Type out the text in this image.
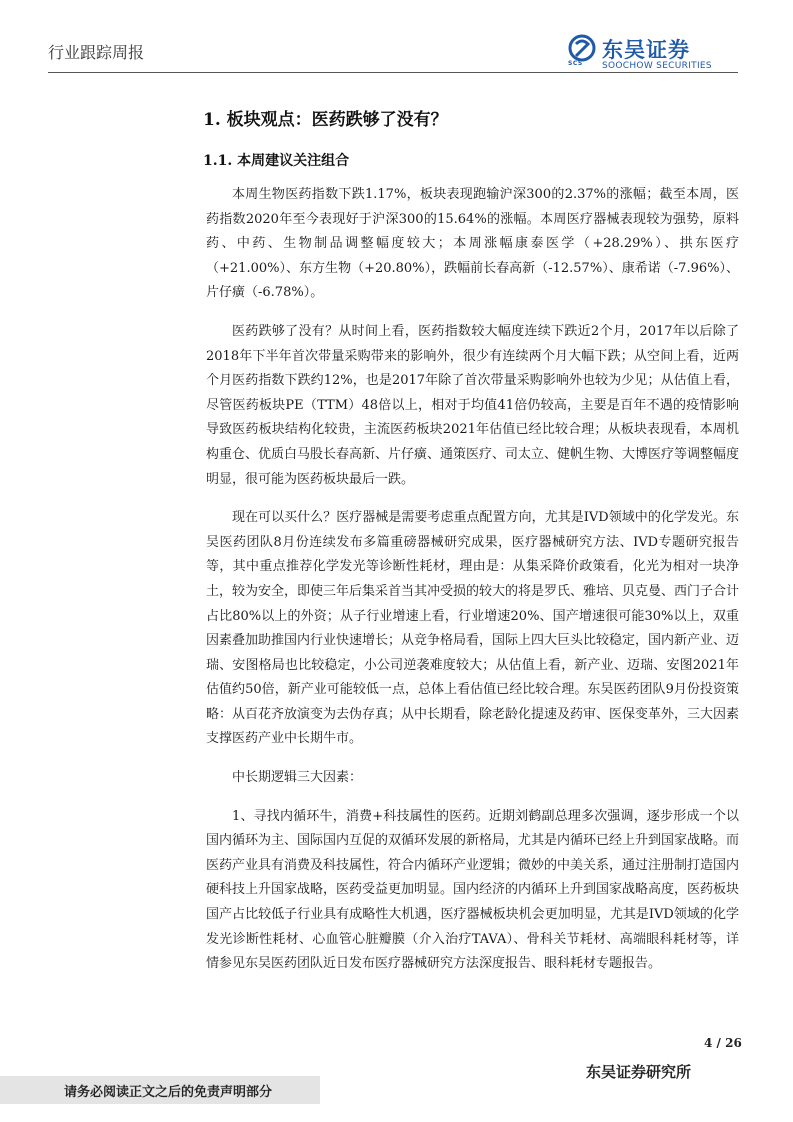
行业跟踪周报
SCS
东吴证券
SOOCHOW SECURITIES
1. 板块观点：医药跌够了没有？
1.1. 本周建议关注组合

本周生物医药指数下跌1.17%，板块表现跑输沪深300的2.37%的涨幅；截至本周，医药指数2020年至今表现好于沪深300的15.64%的涨幅。本周医疗器械表现较为强势，原料药、中药、生物制品调整幅度较大；本周涨幅康泰医学（+28.29%）、拱东医疗（+21.00%）、东方生物（+20.80%），跌幅前长春高新（-12.57%）、康希诺（-7.96%）、片仔癀（-6.78%）。

医药跌够了没有？从时间上看，医药指数较大幅度连续下跌近2个月，2017年以后除了2018年下半年首次带量采购带来的影响外，很少有连续两个月大幅下跌；从空间上看，近两个月医药指数下跌约12%，也是2017年除了首次带量采购影响外也较为少见；从估值上看，尽管医药板块PE（TTM）48倍以上，相对于均值41倍仍较高，主要是百年不遇的疫情影响导致医药板块结构化较贵，主流医药板块2021年估值已经比较合理；从板块表现看，本周机构重仓、优质白马股长春高新、片仔癀、通策医疗、司太立、健帆生物、大博医疗等调整幅度明显，很可能为医药板块最后一跌。

现在可以买什么？医疗器械是需要考虑重点配置方向，尤其是IVD领域中的化学发光。东吴医药团队8月份连续发布多篇重磅器械研究成果，医疗器械研究方法、IVD专题研究报告等，其中重点推荐化学发光等诊断性耗材，理由是：从集采降价政策看，化光为相对一块净土，较为安全，即使三年后集采首当其冲受损的较大的将是罗氏、雅培、贝克曼、西门子合计占比80%以上的外资；从子行业增速上看，行业增速20%、国产增速很可能30%以上，双重因素叠加助推国内行业快速增长；从竞争格局看，国际上四大巨头比较稳定，国内新产业、迈瑞、安图格局也比较稳定，小公司逆袭难度较大；从估值上看，新产业、迈瑞、安图2021年估值约50倍，新产业可能较低一点，总体上看估值已经比较合理。东吴医药团队9月份投资策略：从百花齐放演变为去伪存真；从中长期看，除老龄化提速及药审、医保变革外，三大因素支撑医药产业中长期牛市。

中长期逻辑三大因素：

1、寻找内循环牛，消费+科技属性的医药。近期刘鹤副总理多次强调，逐步形成一个以国内循环为主、国际国内互促的双循环发展的新格局，尤其是内循环已经上升到国家战略。而医药产业具有消费及科技属性，符合内循环产业逻辑；微妙的中美关系，通过注册制打造国内硬科技上升国家战略，医药受益更加明显。国内经济的内循环上升到国家战略高度，医药板块国产占比较低子行业具有成略性大机遇，医疗器械板块机会更加明显，尤其是IVD领域的化学发光诊断性耗材、心血管心脏瓣膜（介入治疗TAVA）、骨科关节耗材、高端眼科耗材等，详情参见东吴医药团队近日发布医疗器械研究方法深度报告、眼科耗材专题报告。

4 / 26
东吴证券研究所
请务必阅读正文之后的免责声明部分
